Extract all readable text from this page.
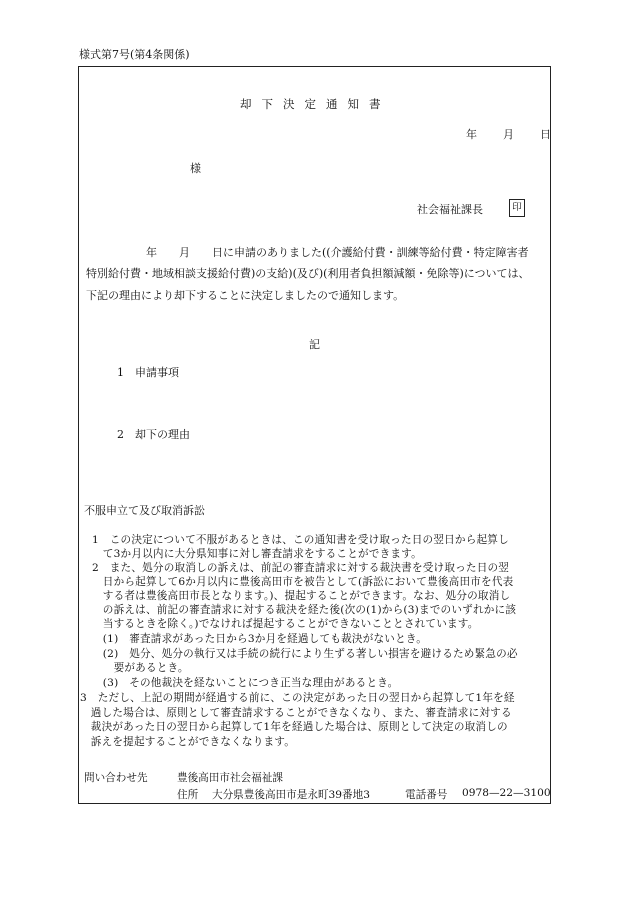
様式第7号(第4条関係)
却下決定通知書
年 月 日
様
社会福祉課長	印
年　　月　　日に申請のありました((介護給付費・訓練等給付費・特定障害者
特別給付費・地域相談支援給付費)の支給)(及び)(利用者負担額減額・免除等)については、
下記の理由により却下することに決定しましたので通知します。
記
1　 申請事項
2　 却下の理由
不服申立て及び取消訴訟
1　この決定について不服があるときは、この通知書を受け取った日の翌日から起算し
　て3か月以内に大分県知事に対し審査請求をすることができます。
2　また、処分の取消しの訴えは、前記の審査請求に対する裁決書を受け取った日の翌
　日から起算して6か月以内に豊後高田市を被告として(訴訟において豊後高田市を代表
　する者は豊後高田市長となります。)、提起することができます。なお、処分の取消し
　の訴えは、前記の審査請求に対する裁決を経た後(次の(1)から(3)までのいずれかに該
　当するときを除く。)でなければ提起することができないこととされています。
　(1)　審査請求があった日から3か月を経過しても裁決がないとき。
　(2)　処分、処分の執行又は手続の続行により生ずる著しい損害を避けるため緊急の必
　　要があるとき。
　(3)　その他裁決を経ないことにつき正当な理由があるとき。
3　ただし、上記の期間が経過する前に、この決定があった日の翌日から起算して1年を経
　過した場合は、原則として審査請求することができなくなり、また、審査請求に対する
　裁決があった日の翌日から起算して1年を経過した場合は、原則として決定の取消しの
　訴えを提起することができなくなります。
問い合わせ先	豊後高田市社会福祉課
住所 大分県豊後高田市是永町39番地3	電話番号 0978—22—3100
